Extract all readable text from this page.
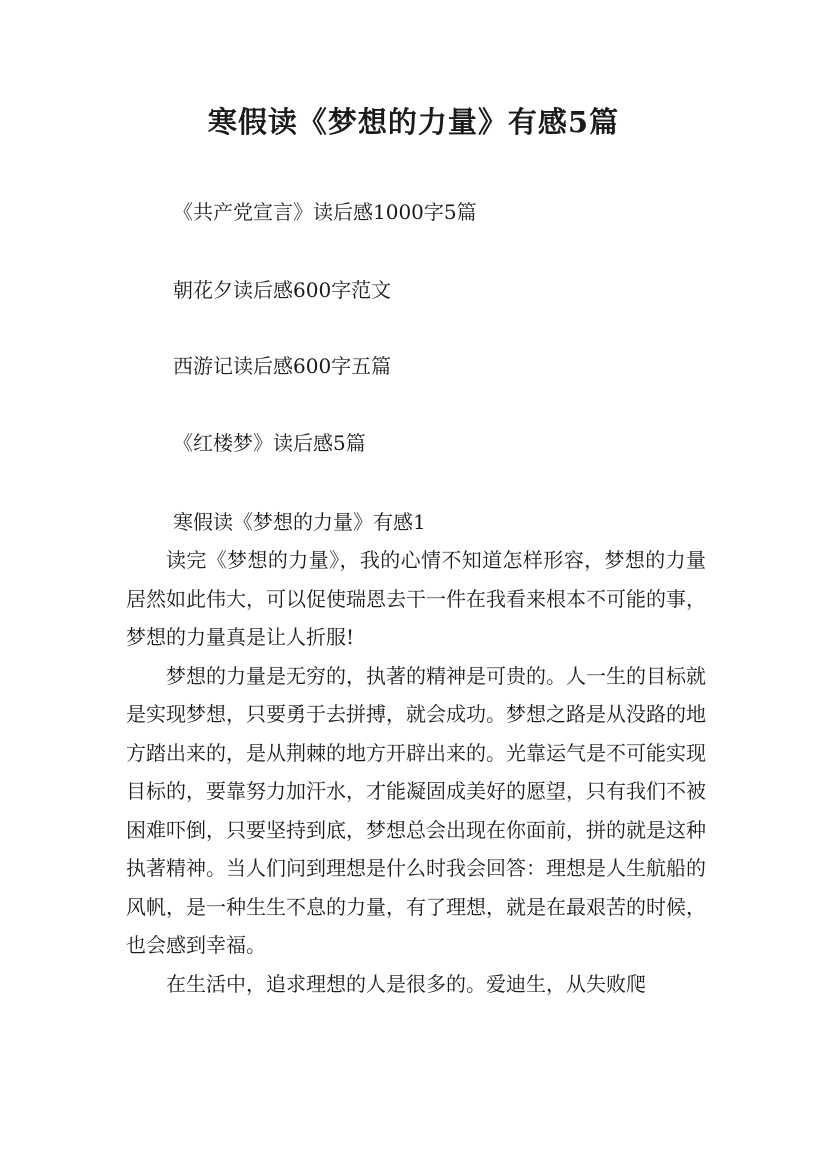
寒假读《梦想的力量》有感5篇
《共产党宣言》读后感1000字5篇
朝花夕读后感600字范文
西游记读后感600字五篇
《红楼梦》读后感5篇
寒假读《梦想的力量》有感1

读完《梦想的力量》，我的心情不知道怎样形容，梦想的力量居然如此伟大，可以促使瑞恩去干一件在我看来根本不可能的事，梦想的力量真是让人折服!

梦想的力量是无穷的，执著的精神是可贵的。人一生的目标就是实现梦想，只要勇于去拼搏，就会成功。梦想之路是从没路的地方踏出来的，是从荆棘的地方开辟出来的。光靠运气是不可能实现目标的，要靠努力加汗水，才能凝固成美好的愿望，只有我们不被困难吓倒，只要坚持到底，梦想总会出现在你面前，拼的就是这种执著精神。当人们问到理想是什么时我会回答：理想是人生航船的风帆，是一种生生不息的力量，有了理想，就是在最艰苦的时候，也会感到幸福。

在生活中，追求理想的人是很多的。爱迪生，从失败爬
